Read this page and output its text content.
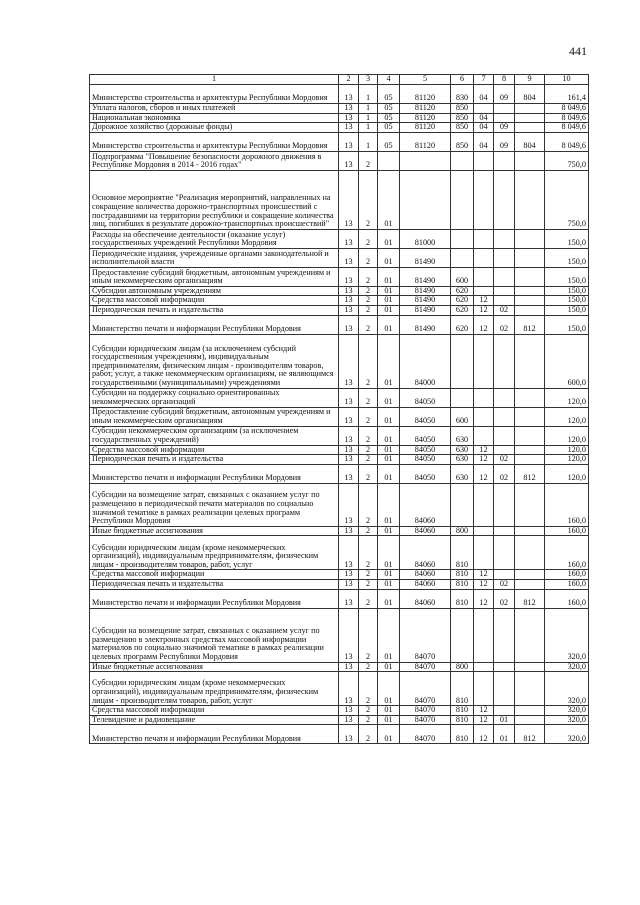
441
1	2	3	4	5	6	7	8	9	10
Министерство строительства и архитектуры Республики Мордовия	13	1	05	81120	830	04	09	804	161,4
Уплата налогов, сборов и иных платежей	13	1	05	81120	850				8 049,6
Национальная экономика	13	1	05	81120	850	04			8 049,6
Дорожное хозяйство (дорожные фонды)	13	1	05	81120	850	04	09		8 049,6
Министерство строительства и архитектуры Республики Мордовия	13	1	05	81120	850	04	09	804	8 049,6
Подпрограмма "Повышение безопасности дорожного движения в Республике Мордовия в 2014 - 2016 годах"	13	2							750,0
Основное мероприятие "Реализация мероприятий, направленных на сокращение количества дорожно-транспортных происшествий с пострадавшими на территории республики и сокращение количества лиц, погибших в результате дорожно-транспортных происшествий"	13	2	01						750,0
Расходы на обеспечение деятельности (оказание услуг) государственных учреждений Республики Мордовия	13	2	01	81000					150,0
Периодические издания, учрежденные органами законодательной и исполнительной власти	13	2	01	81490					150,0
Предоставление субсидий бюджетным, автономным учреждениям и иным некоммерческим организациям	13	2	01	81490	600				150,0
Субсидии автономным учреждениям	13	2	01	81490	620				150,0
Средства массовой информации	13	2	01	81490	620	12			150,0
Периодическая печать и издательства	13	2	01	81490	620	12	02		150,0
Министерство печати и информации Республики Мордовия	13	2	01	81490	620	12	02	812	150,0
Субсидии юридическим лицам (за исключением субсидий государственным учреждениям), индивидуальным предпринимателям, физическим лицам - производителям товаров, работ, услуг, а также некоммерческим организациям, не являющимся государственными (муниципальными) учреждениями	13	2	01	84000					600,0
Субсидии на поддержку социально ориентированных некоммерческих организаций	13	2	01	84050					120,0
Предоставление субсидий бюджетным, автономным учреждениям и иным некоммерческим организациям	13	2	01	84050	600				120,0
Субсидии некоммерческим организациям (за исключением государственных учреждений)	13	2	01	84050	630				120,0
Средства массовой информации	13	2	01	84050	630	12			120,0
Периодическая печать и издательства	13	2	01	84050	630	12	02		120,0
Министерство печати и информации Республики Мордовия	13	2	01	84050	630	12	02	812	120,0
Субсидии на возмещение затрат, связанных с оказанием услуг по размещению в периодической печати материалов по социально значимой тематике в рамках реализации целевых программ Республики Мордовия	13	2	01	84060					160,0
Иные бюджетные ассигнования	13	2	01	84060	800				160,0
Субсидии юридическим лицам (кроме некоммерческих организаций), индивидуальным предпринимателям, физическим лицам - производителям товаров, работ, услуг	13	2	01	84060	810				160,0
Средства массовой информации	13	2	01	84060	810	12			160,0
Периодическая печать и издательства	13	2	01	84060	810	12	02		160,0
Министерство печати и информации Республики Мордовия	13	2	01	84060	810	12	02	812	160,0
Субсидии на возмещение затрат, связанных с оказанием услуг по размещению в электронных средствах массовой информации материалов по социально значимой тематике в рамках реализации целевых программ Республики Мордовия	13	2	01	84070					320,0
Иные бюджетные ассигнования	13	2	01	84070	800				320,0
Субсидии юридическим лицам (кроме некоммерческих организаций), индивидуальным предпринимателям, физическим лицам - производителям товаров, работ, услуг	13	2	01	84070	810				320,0
Средства массовой информации	13	2	01	84070	810	12			320,0
Телевидение и радиовещание	13	2	01	84070	810	12	01		320,0
Министерство печати и информации Республики Мордовия	13	2	01	84070	810	12	01	812	320,0
